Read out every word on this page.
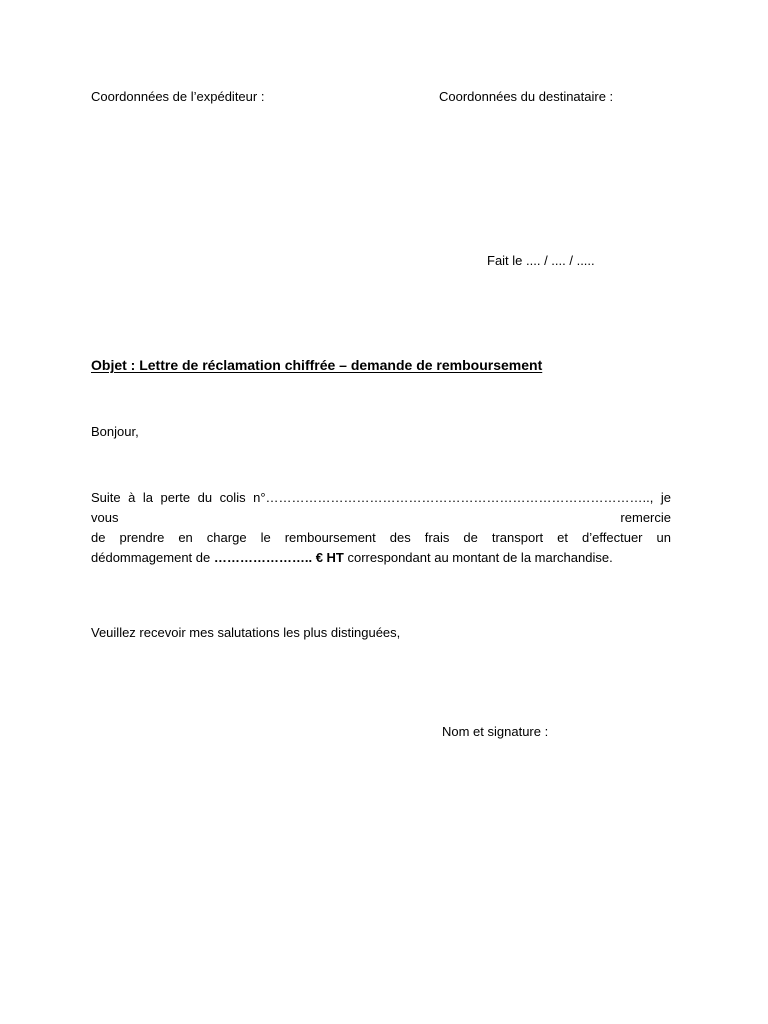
Coordonnées de l’expéditeur :	Coordonnées du destinataire :
Fait le .... / .... / .....
Objet : Lettre de réclamation chiffrée – demande de remboursement
Bonjour,
Suite à la perte du colis n°…………………………………………………………………………….., je vous remercie
de prendre en charge le remboursement des frais de transport et d’effectuer un
dédommagement de ………………….. € HT correspondant au montant de la marchandise.
Veuillez recevoir mes salutations les plus distinguées,
Nom et signature :
